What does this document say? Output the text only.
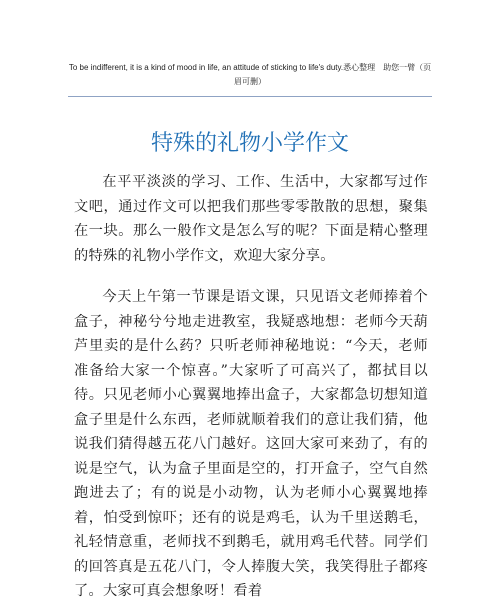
To be indifferent, it is a kind of mood in life, an attitude of sticking to life's duty.悉心整理　助您一臂（页眉可删）
特殊的礼物小学作文

在平平淡淡的学习、工作、生活中，大家都写过作文吧，通过作文可以把我们那些零零散散的思想，聚集在一块。那么一般作文是怎么写的呢？下面是精心整理的特殊的礼物小学作文，欢迎大家分享。

今天上午第一节课是语文课，只见语文老师捧着个盒子，神秘兮兮地走进教室，我疑惑地想：老师今天葫芦里卖的是什么药？只听老师神秘地说：“今天，老师准备给大家一个惊喜。”大家听了可高兴了，都拭目以待。只见老师小心翼翼地捧出盒子，大家都急切想知道盒子里是什么东西，老师就顺着我们的意让我们猜，他说我们猜得越五花八门越好。这回大家可来劲了，有的说是空气，认为盒子里面是空的，打开盒子，空气自然跑进去了；有的说是小动物，认为老师小心翼翼地捧着，怕受到惊吓；还有的说是鸡毛，认为千里送鹅毛，礼轻情意重，老师找不到鹅毛，就用鸡毛代替。同学们的回答真是五花八门，令人捧腹大笑，我笑得肚子都疼了。大家可真会想象呀！看着
